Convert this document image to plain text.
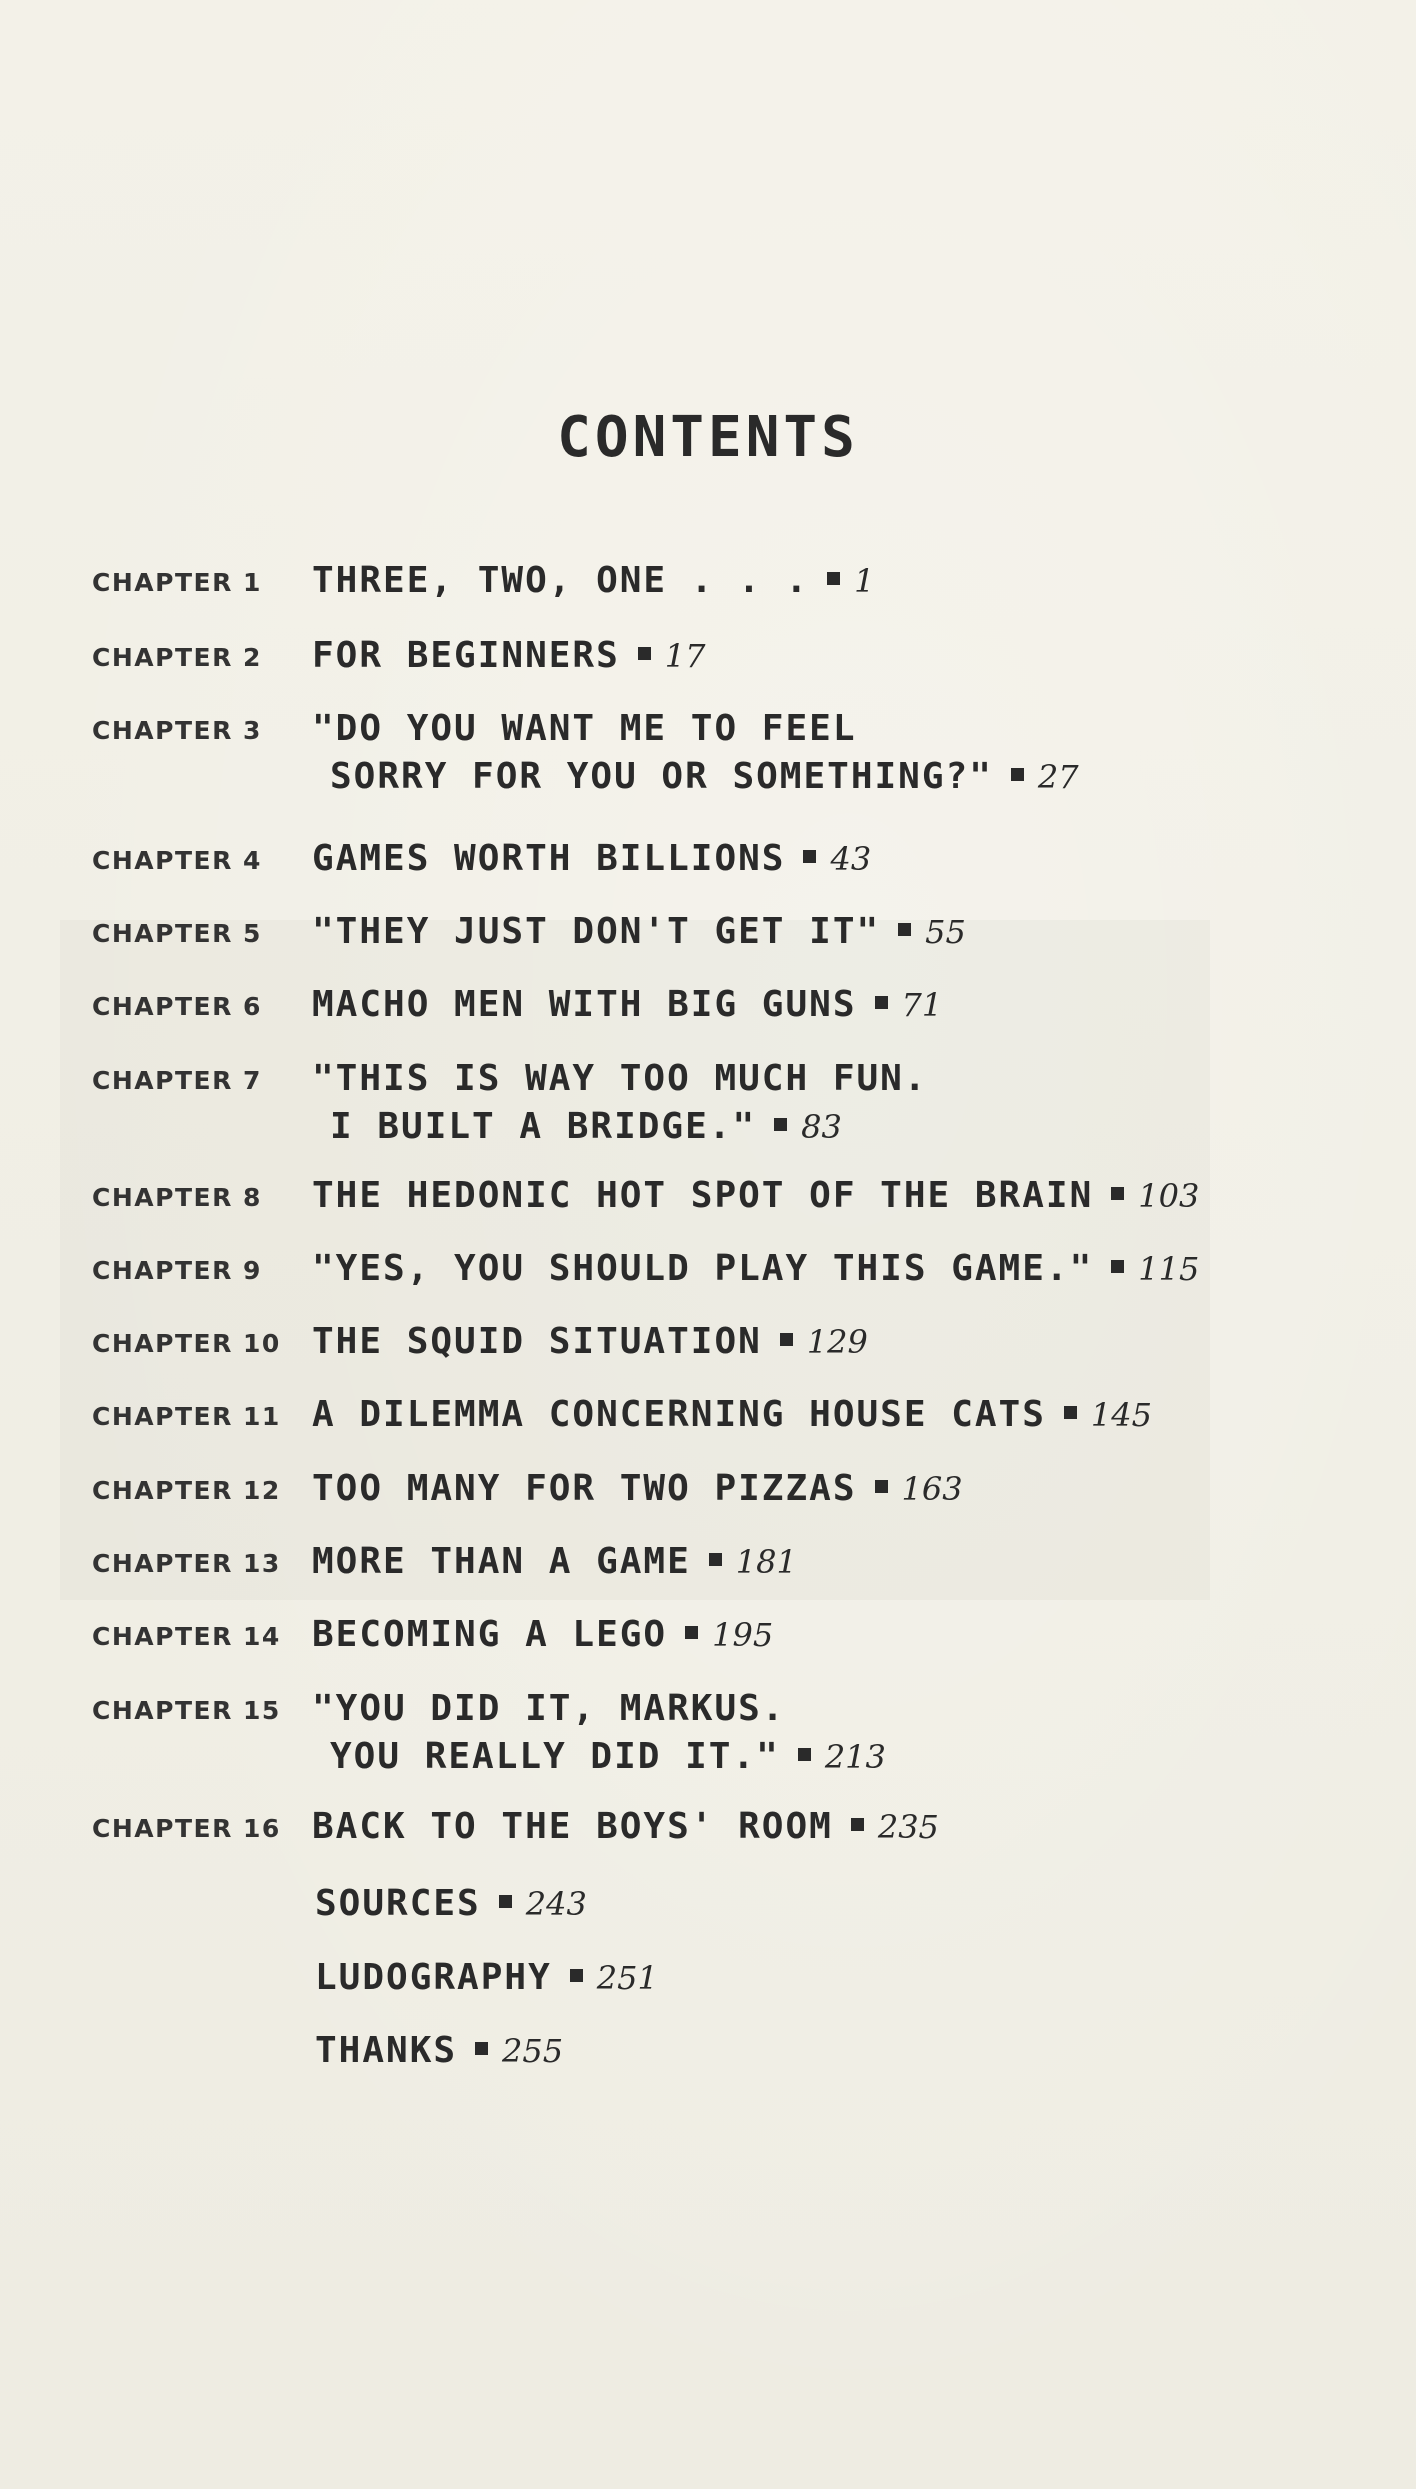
CONTENTS
CHAPTER 1 THREE, TWO, ONE . . . 1
CHAPTER 2 FOR BEGINNERS 17
CHAPTER 3 "DO YOU WANT ME TO FEEL
SORRY FOR YOU OR SOMETHING?" 27
CHAPTER 4 GAMES WORTH BILLIONS 43
CHAPTER 5 "THEY JUST DON'T GET IT" 55
CHAPTER 6 MACHO MEN WITH BIG GUNS 71
CHAPTER 7 "THIS IS WAY TOO MUCH FUN.
I BUILT A BRIDGE." 83
CHAPTER 8 THE HEDONIC HOT SPOT OF THE BRAIN 103
CHAPTER 9 "YES, YOU SHOULD PLAY THIS GAME." 115
CHAPTER 10 THE SQUID SITUATION 129
CHAPTER 11 A DILEMMA CONCERNING HOUSE CATS 145
CHAPTER 12 TOO MANY FOR TWO PIZZAS 163
CHAPTER 13 MORE THAN A GAME 181
CHAPTER 14 BECOMING A LEGO 195
CHAPTER 15 "YOU DID IT, MARKUS.
YOU REALLY DID IT." 213
CHAPTER 16 BACK TO THE BOYS' ROOM 235
SOURCES 243
LUDOGRAPHY 251
THANKS 255
